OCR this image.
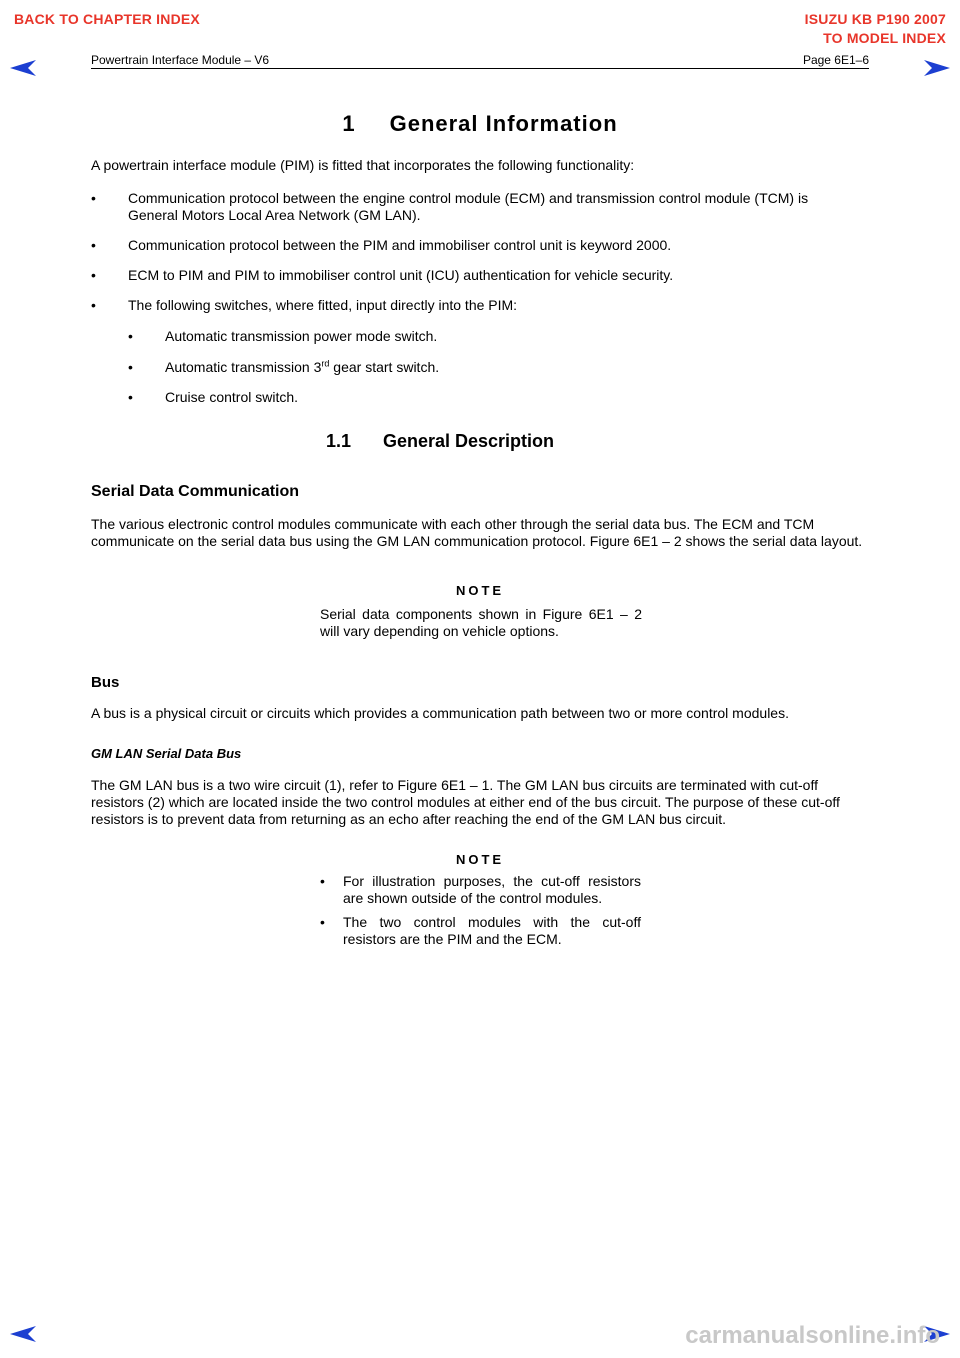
BACK TO CHAPTER INDEX	ISUZU KB P190 2007
TO MODEL INDEX
Powertrain Interface Module – V6	Page 6E1–6
1 General Information
A powertrain interface module (PIM) is fitted that incorporates the following functionality:
• Communication protocol between the engine control module (ECM) and transmission control module (TCM) is General Motors Local Area Network (GM LAN).
• Communication protocol between the PIM and immobiliser control unit is keyword 2000.
• ECM to PIM and PIM to immobiliser control unit (ICU) authentication for vehicle security.
• The following switches, where fitted, input directly into the PIM:
• Automatic transmission power mode switch.
• Automatic transmission 3rd gear start switch.
• Cruise control switch.
1.1 General Description
Serial Data Communication
The various electronic control modules communicate with each other through the serial data bus. The ECM and TCM communicate on the serial data bus using the GM LAN communication protocol. Figure 6E1 – 2 shows the serial data layout.
NOTE
Serial data components shown in Figure 6E1 – 2 will vary depending on vehicle options.
Bus
A bus is a physical circuit or circuits which provides a communication path between two or more control modules.
GM LAN Serial Data Bus
The GM LAN bus is a two wire circuit (1), refer to Figure 6E1 – 1. The GM LAN bus circuits are terminated with cut-off resistors (2) which are located inside the two control modules at either end of the bus circuit. The purpose of these cut-off resistors is to prevent data from returning as an echo after reaching the end of the GM LAN bus circuit.
NOTE
• For illustration purposes, the cut-off resistors are shown outside of the control modules.
• The two control modules with the cut-off resistors are the PIM and the ECM.
carmanualsonline.info
